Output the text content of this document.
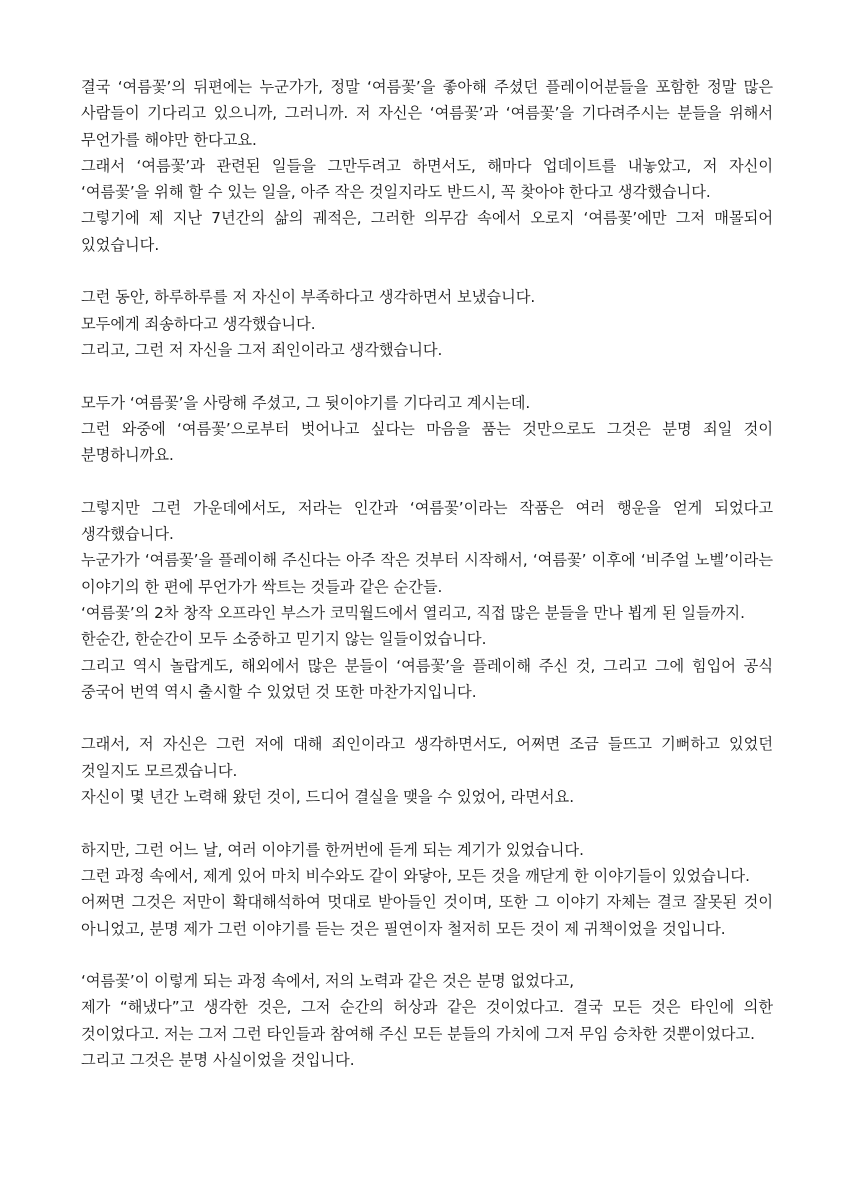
결국 ‘여름꽃’의 뒤편에는 누군가가, 정말 ‘여름꽃’을 좋아해 주셨던 플레이어분들을 포함한 정말 많은 사람들이 기다리고 있으니까, 그러니까. 저 자신은 ‘여름꽃’과 ‘여름꽃’을 기다려주시는 분들을 위해서 무언가를 해야만 한다고요.

그래서 ‘여름꽃’과 관련된 일들을 그만두려고 하면서도, 해마다 업데이트를 내놓았고, 저 자신이 ‘여름꽃’을 위해 할 수 있는 일을, 아주 작은 것일지라도 반드시, 꼭 찾아야 한다고 생각했습니다.

그렇기에 제 지난 7년간의 삶의 궤적은, 그러한 의무감 속에서 오로지 ‘여름꽃’에만 그저 매몰되어 있었습니다.

그런 동안, 하루하루를 저 자신이 부족하다고 생각하면서 보냈습니다.

모두에게 죄송하다고 생각했습니다.

그리고, 그런 저 자신을 그저 죄인이라고 생각했습니다.

모두가 ‘여름꽃’을 사랑해 주셨고, 그 뒷이야기를 기다리고 계시는데.

그런 와중에 ‘여름꽃’으로부터 벗어나고 싶다는 마음을 품는 것만으로도 그것은 분명 죄일 것이 분명하니까요.

그렇지만 그런 가운데에서도, 저라는 인간과 ‘여름꽃’이라는 작품은 여러 행운을 얻게 되었다고 생각했습니다.

누군가가 ‘여름꽃’을 플레이해 주신다는 아주 작은 것부터 시작해서, ‘여름꽃’ 이후에 ‘비주얼 노벨’이라는 이야기의 한 편에 무언가가 싹트는 것들과 같은 순간들.

‘여름꽃’의 2차 창작 오프라인 부스가 코믹월드에서 열리고, 직접 많은 분들을 만나 뵙게 된 일들까지.

한순간, 한순간이 모두 소중하고 믿기지 않는 일들이었습니다.

그리고 역시 놀랍게도, 해외에서 많은 분들이 ‘여름꽃’을 플레이해 주신 것, 그리고 그에 힘입어 공식 중국어 번역 역시 출시할 수 있었던 것 또한 마찬가지입니다.

그래서, 저 자신은 그런 저에 대해 죄인이라고 생각하면서도, 어쩌면 조금 들뜨고 기뻐하고 있었던 것일지도 모르겠습니다.

자신이 몇 년간 노력해 왔던 것이, 드디어 결실을 맺을 수 있었어, 라면서요.

하지만, 그런 어느 날, 여러 이야기를 한꺼번에 듣게 되는 계기가 있었습니다.

그런 과정 속에서, 제게 있어 마치 비수와도 같이 와닿아, 모든 것을 깨닫게 한 이야기들이 있었습니다.

어쩌면 그것은 저만이 확대해석하여 멋대로 받아들인 것이며, 또한 그 이야기 자체는 결코 잘못된 것이 아니었고, 분명 제가 그런 이야기를 듣는 것은 필연이자 철저히 모든 것이 제 귀책이었을 것입니다.

‘여름꽃’이 이렇게 되는 과정 속에서, 저의 노력과 같은 것은 분명 없었다고,

제가 “해냈다”고 생각한 것은, 그저 순간의 허상과 같은 것이었다고. 결국 모든 것은 타인에 의한 것이었다고. 저는 그저 그런 타인들과 참여해 주신 모든 분들의 가치에 그저 무임 승차한 것뿐이었다고.

그리고 그것은 분명 사실이었을 것입니다.
